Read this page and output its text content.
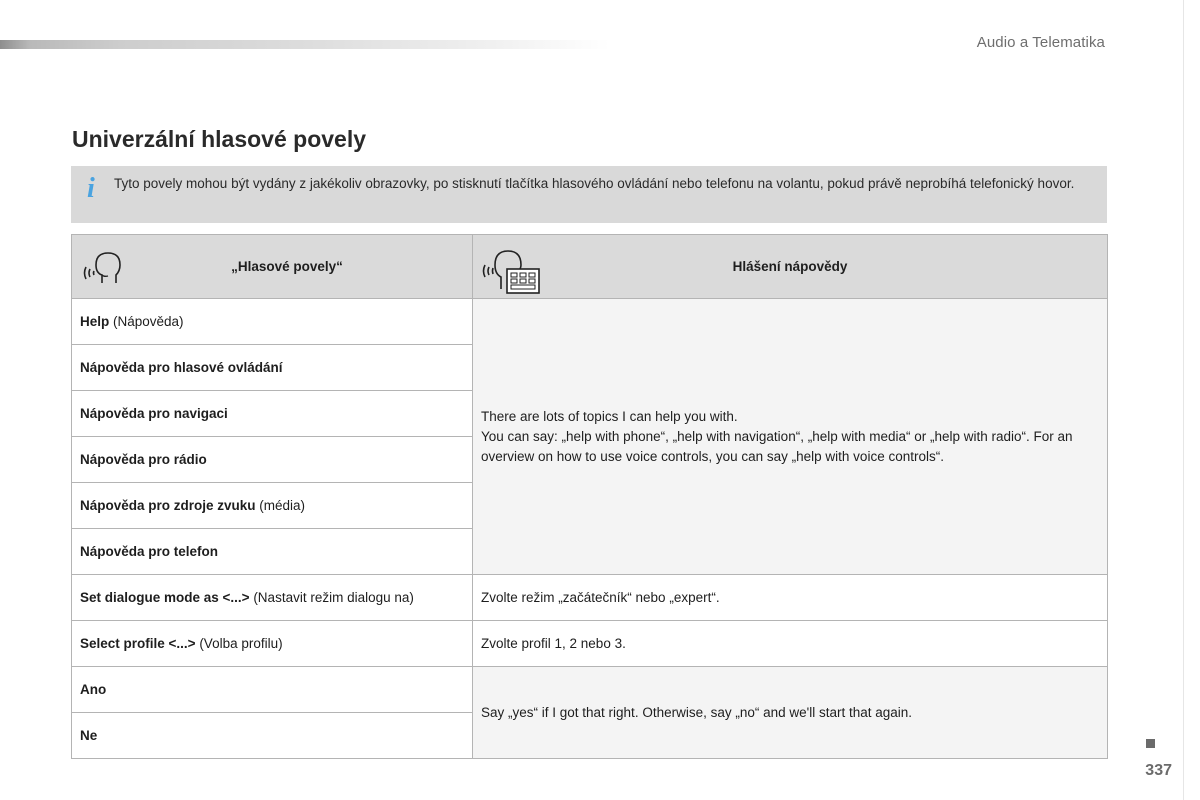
Audio a Telematika
Univerzální hlasové povely
i Tyto povely mohou být vydány z jakékoliv obrazovky, po stisknutí tlačítka hlasového ovládání nebo telefonu na volantu, pokud právě neprobíhá telefonický hovor.
„Hlasové povely“	Hlášení nápovědy

Help (Nápověda)	There are lots of topics I can help you with.
You can say: „help with phone“, „help with navigation“, „help with media“ or „help with radio“. For an overview on how to use voice controls, you can say „help with voice controls“.

Nápověda pro hlasové ovládání	
Nápověda pro navigaci	
Nápověda pro rádio	
Nápověda pro zdroje zvuku (média)	
Nápověda pro telefon	
Set dialogue mode as <...> (Nastavit režim dialogu na)	Zvolte režim „začátečník“ nebo „expert“.
Select profile <...> (Volba profilu)	Zvolte profil 1, 2 nebo 3.
Ano	Say „yes“ if I got that right. Otherwise, say „no“ and we'll start that again.
Ne	
337
